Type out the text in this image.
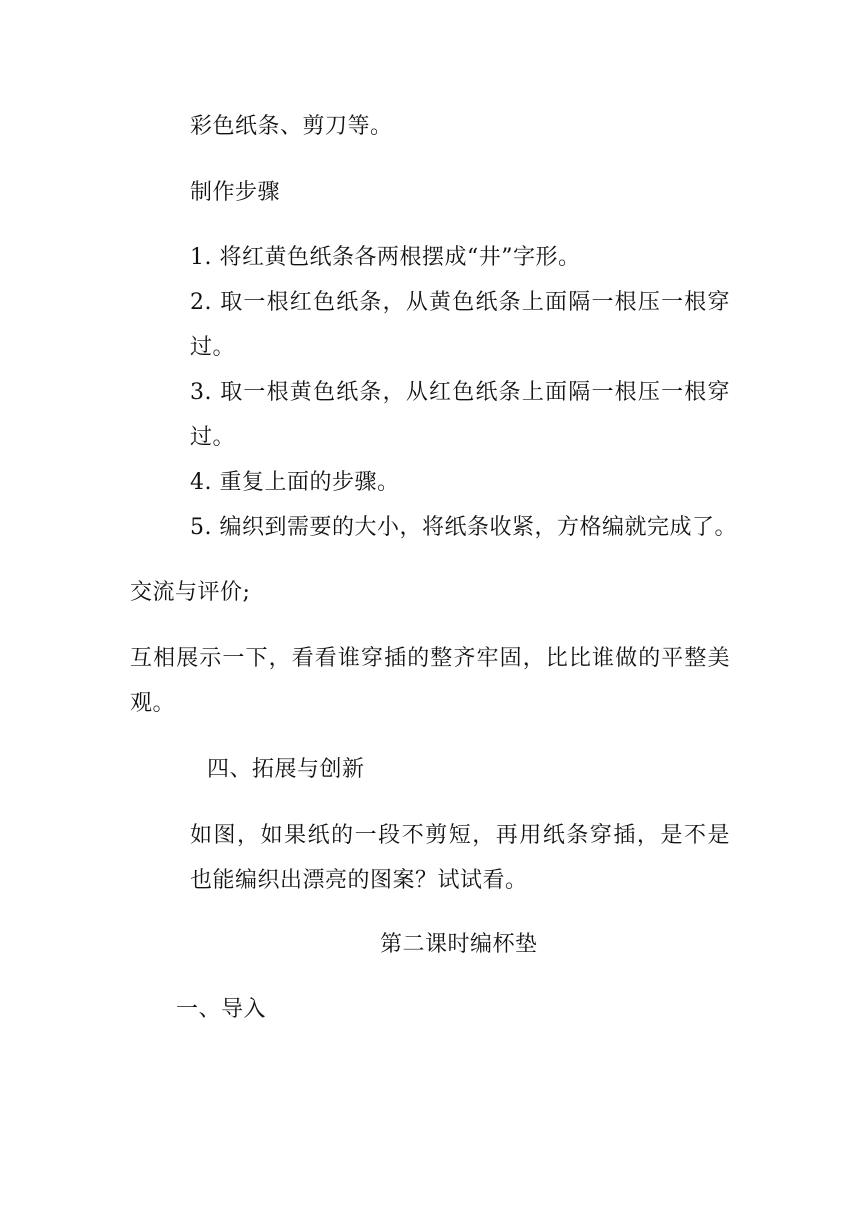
彩色纸条、剪刀等。
制作步骤
1. 将红黄色纸条各两根摆成“井”字形。
2. 取一根红色纸条，从黄色纸条上面隔一根压一根穿
过。
3. 取一根黄色纸条，从红色纸条上面隔一根压一根穿
过。
4. 重复上面的步骤。
5. 编织到需要的大小，将纸条收紧，方格编就完成了。
交流与评价;
互相展示一下，看看谁穿插的整齐牢固，比比谁做的平整美
观。
四、拓展与创新
如图，如果纸的一段不剪短，再用纸条穿插，是不是
也能编织出漂亮的图案？试试看。
第二课时编杯垫
一、导入
